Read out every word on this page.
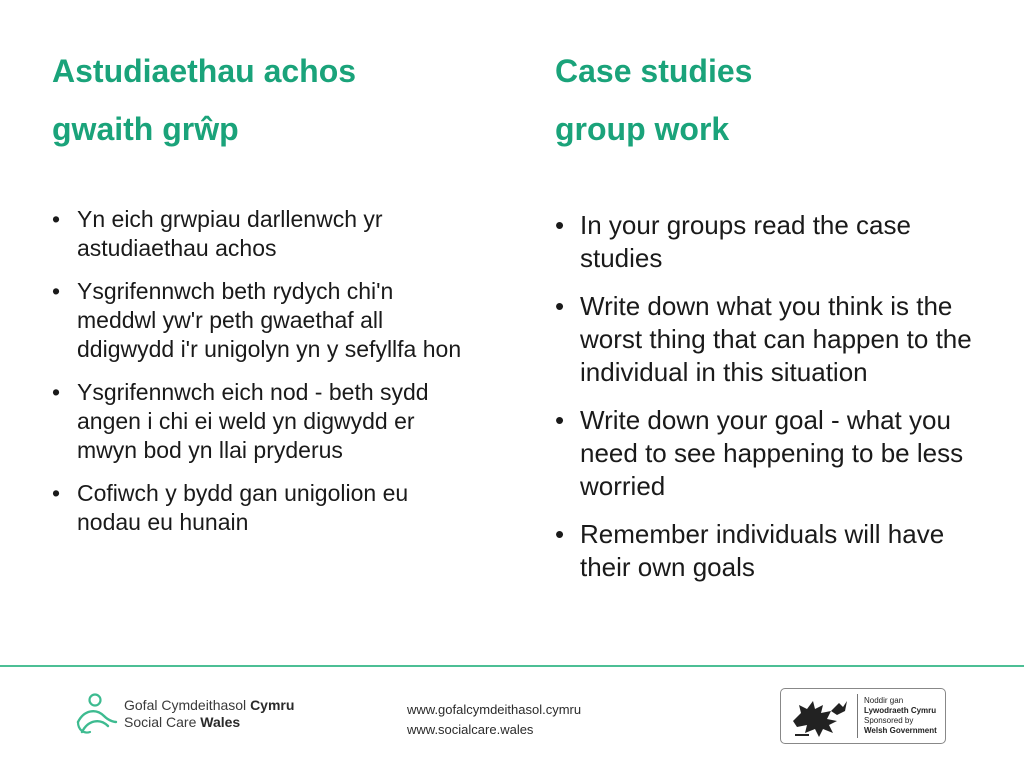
Astudiaethau achos
gwaith grŵp
• Yn eich grwpiau darllenwch yr astudiaethau achos
• Ysgrifennwch beth rydych chi'n meddwl yw'r peth gwaethaf all ddigwydd i'r unigolyn yn y sefyllfa hon
• Ysgrifennwch eich nod - beth sydd angen i chi ei weld yn digwydd er mwyn bod yn llai pryderus
• Cofiwch y bydd gan unigolion eu nodau eu hunain
Case studies
group work
• In your groups read the case studies
• Write down what you think is the worst thing that can happen to the individual in this situation
• Write down your goal - what you need to see happening to be less worried
• Remember individuals will have their own goals
Gofal Cymdeithasol Cymru
Social Care Wales
www.gofalcymdeithasol.cymru
www.socialcare.wales
Noddir gan
Lywodraeth Cymru
Sponsored by
Welsh Government
